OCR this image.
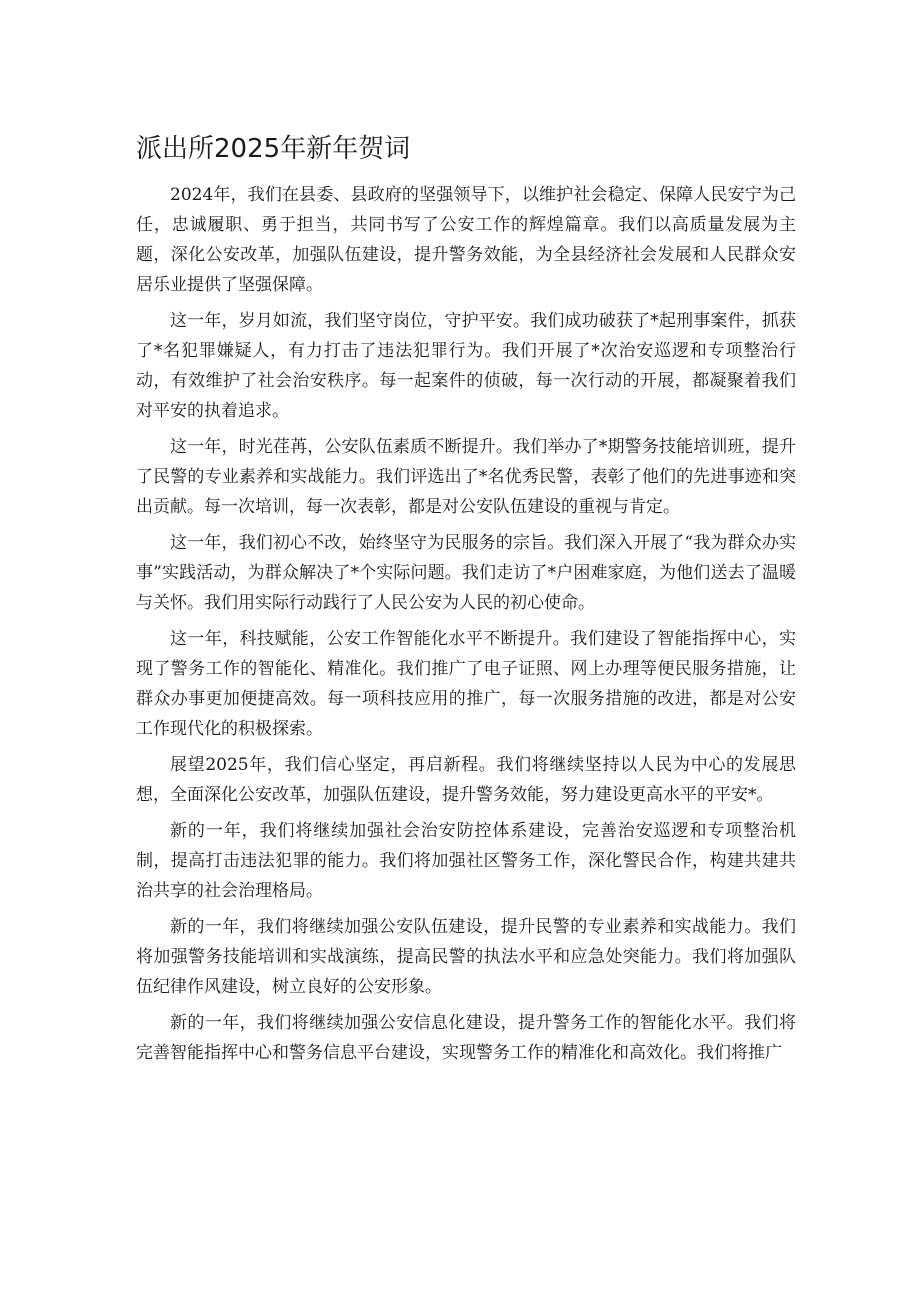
派出所2025年新年贺词

2024年，我们在县委、县政府的坚强领导下，以维护社会稳定、保障人民安宁为己任，忠诚履职、勇于担当，共同书写了公安工作的辉煌篇章。我们以高质量发展为主题，深化公安改革，加强队伍建设，提升警务效能，为全县经济社会发展和人民群众安居乐业提供了坚强保障。

这一年，岁月如流，我们坚守岗位，守护平安。我们成功破获了*起刑事案件，抓获了*名犯罪嫌疑人，有力打击了违法犯罪行为。我们开展了*次治安巡逻和专项整治行动，有效维护了社会治安秩序。每一起案件的侦破，每一次行动的开展，都凝聚着我们对平安的执着追求。

这一年，时光荏苒，公安队伍素质不断提升。我们举办了*期警务技能培训班，提升了民警的专业素养和实战能力。我们评选出了*名优秀民警，表彰了他们的先进事迹和突出贡献。每一次培训，每一次表彰，都是对公安队伍建设的重视与肯定。

这一年，我们初心不改，始终坚守为民服务的宗旨。我们深入开展了“我为群众办实事”实践活动，为群众解决了*个实际问题。我们走访了*户困难家庭，为他们送去了温暖与关怀。我们用实际行动践行了人民公安为人民的初心使命。

这一年，科技赋能，公安工作智能化水平不断提升。我们建设了智能指挥中心，实现了警务工作的智能化、精准化。我们推广了电子证照、网上办理等便民服务措施，让群众办事更加便捷高效。每一项科技应用的推广，每一次服务措施的改进，都是对公安工作现代化的积极探索。

展望2025年，我们信心坚定，再启新程。我们将继续坚持以人民为中心的发展思想，全面深化公安改革，加强队伍建设，提升警务效能，努力建设更高水平的平安*。

新的一年，我们将继续加强社会治安防控体系建设，完善治安巡逻和专项整治机制，提高打击违法犯罪的能力。我们将加强社区警务工作，深化警民合作，构建共建共治共享的社会治理格局。

新的一年，我们将继续加强公安队伍建设，提升民警的专业素养和实战能力。我们将加强警务技能培训和实战演练，提高民警的执法水平和应急处突能力。我们将加强队伍纪律作风建设，树立良好的公安形象。

新的一年，我们将继续加强公安信息化建设，提升警务工作的智能化水平。我们将完善智能指挥中心和警务信息平台建设，实现警务工作的精准化和高效化。我们将推广
